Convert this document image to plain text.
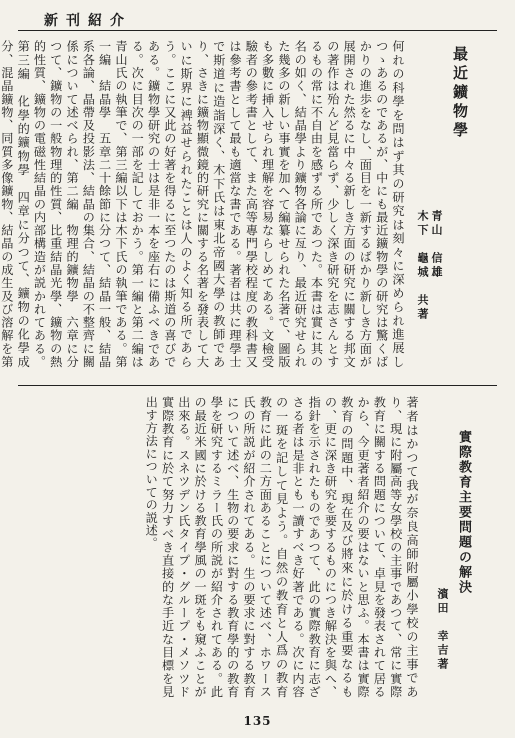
新刊紹介
最近鑛物學
青山　信雄
木下　龜城　共著
何れの科學を問はず其の研究は刻々に深められ進展しつゝあるのであるが、中にも最近鑛物學の研究は驚くばかりの進歩をなし、面目を一新するばかり新しき方面が展開された然るに中々る新しき方面の研究に關する邦文の著作は殆んど見當らず、少しく深き研究を志さんとするもの常に不自由を感ずる所であつた。本書は實に其の名の如く、結晶學より鑛物各論に亙り、最近研究せられた幾多の新しい事實を加へて編纂せられた名著で、圖版も多數に挿入せられ理解を容易ならしめてある。文檢受驗者の參考書として、また高等專門學校程度の教科書又は參考書として最も適當な書である。著者は共に理學士で斯道に造詣深く、木下氏は東北帝國大學の教師であり、さきに鑛物顯微鏡的研究に關する名著を發表して大いに斯界に裨益せられたことは人のよく知る所であらう。ここに又此の好著を得るに至つたのは斯道の喜びである。鑛物學研究の士は是非一本を座右に備ふべきである。次に目次の一部を記しておかう。第一編と第二編は青山氏の執筆で、第三編以下は木下氏の執筆である。第一編　結晶學　五章二十餘節に分つて、結晶一般、結晶系各論、晶帶及投影法、結晶の集合、結晶の不整齊に關係について述べられ、第二編　物理的鑛物學　六章に分つて、鑛物の一般物理的性質、比重結晶光學、鑛物の熱的性質、鑛物の電磁性結晶の内部構造が説かれてある。第三編　化學的鑛物學　四章に分つて、鑛物の化學成分、混晶鑛物、同質多像鑛物、結晶の成生及び溶解を第　　　　　　　
實際教育主要問題の解決
濱田　幸吉著
著者はかつて我が奈良高師附屬小學校の主事であり、現に附屬高等女學校の主事であつて、常に實際教育に關する問題について、卓見を發表されて居るから、今更著者紹介の要はないと思ふ。本書は實際教育の問題中、現在及び將來に於ける重要なるもの、更に深き研究を要するものにつき解決を與へ、指針を示されたものであつて、此の實際教育に志ざさる者は是非とも一讀すべき好著である。次に内容の一斑を記して見よう。自然の教育と人爲の教育　教育に此の二方面あることについて述べ、ホワース氏の所説が紹介されてある。生の要求に對する教育　について述べ、生物の要求に對する教育學的の教育學を研究するミラー氏の所説が紹介されてある。此の最近米國に於ける教育學風の一斑をも窺ふことが出來る。スネツデン氏タイプ・グループ・メソツド　實際教育に於て努力すべき直接的な手近な目標を見出す方法についての説述。
135
